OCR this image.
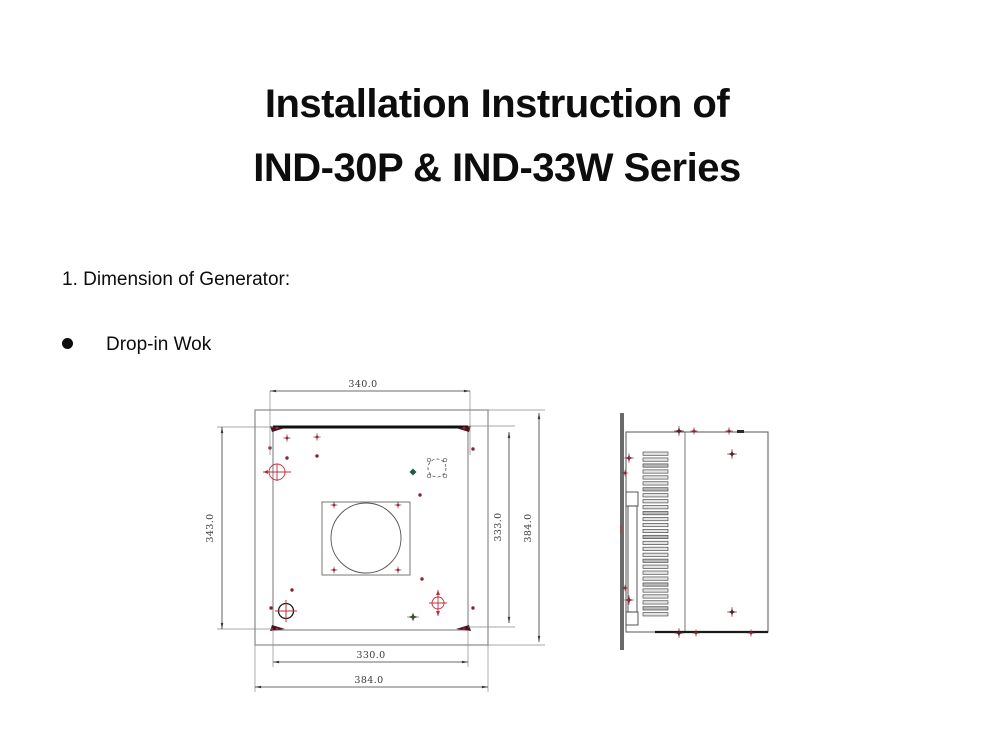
Installation Instruction of
IND-30P & IND-33W Series
1. Dimension of Generator:
Drop-in Wok
340.0
343.0	333.0 384.0
330.0
384.0
